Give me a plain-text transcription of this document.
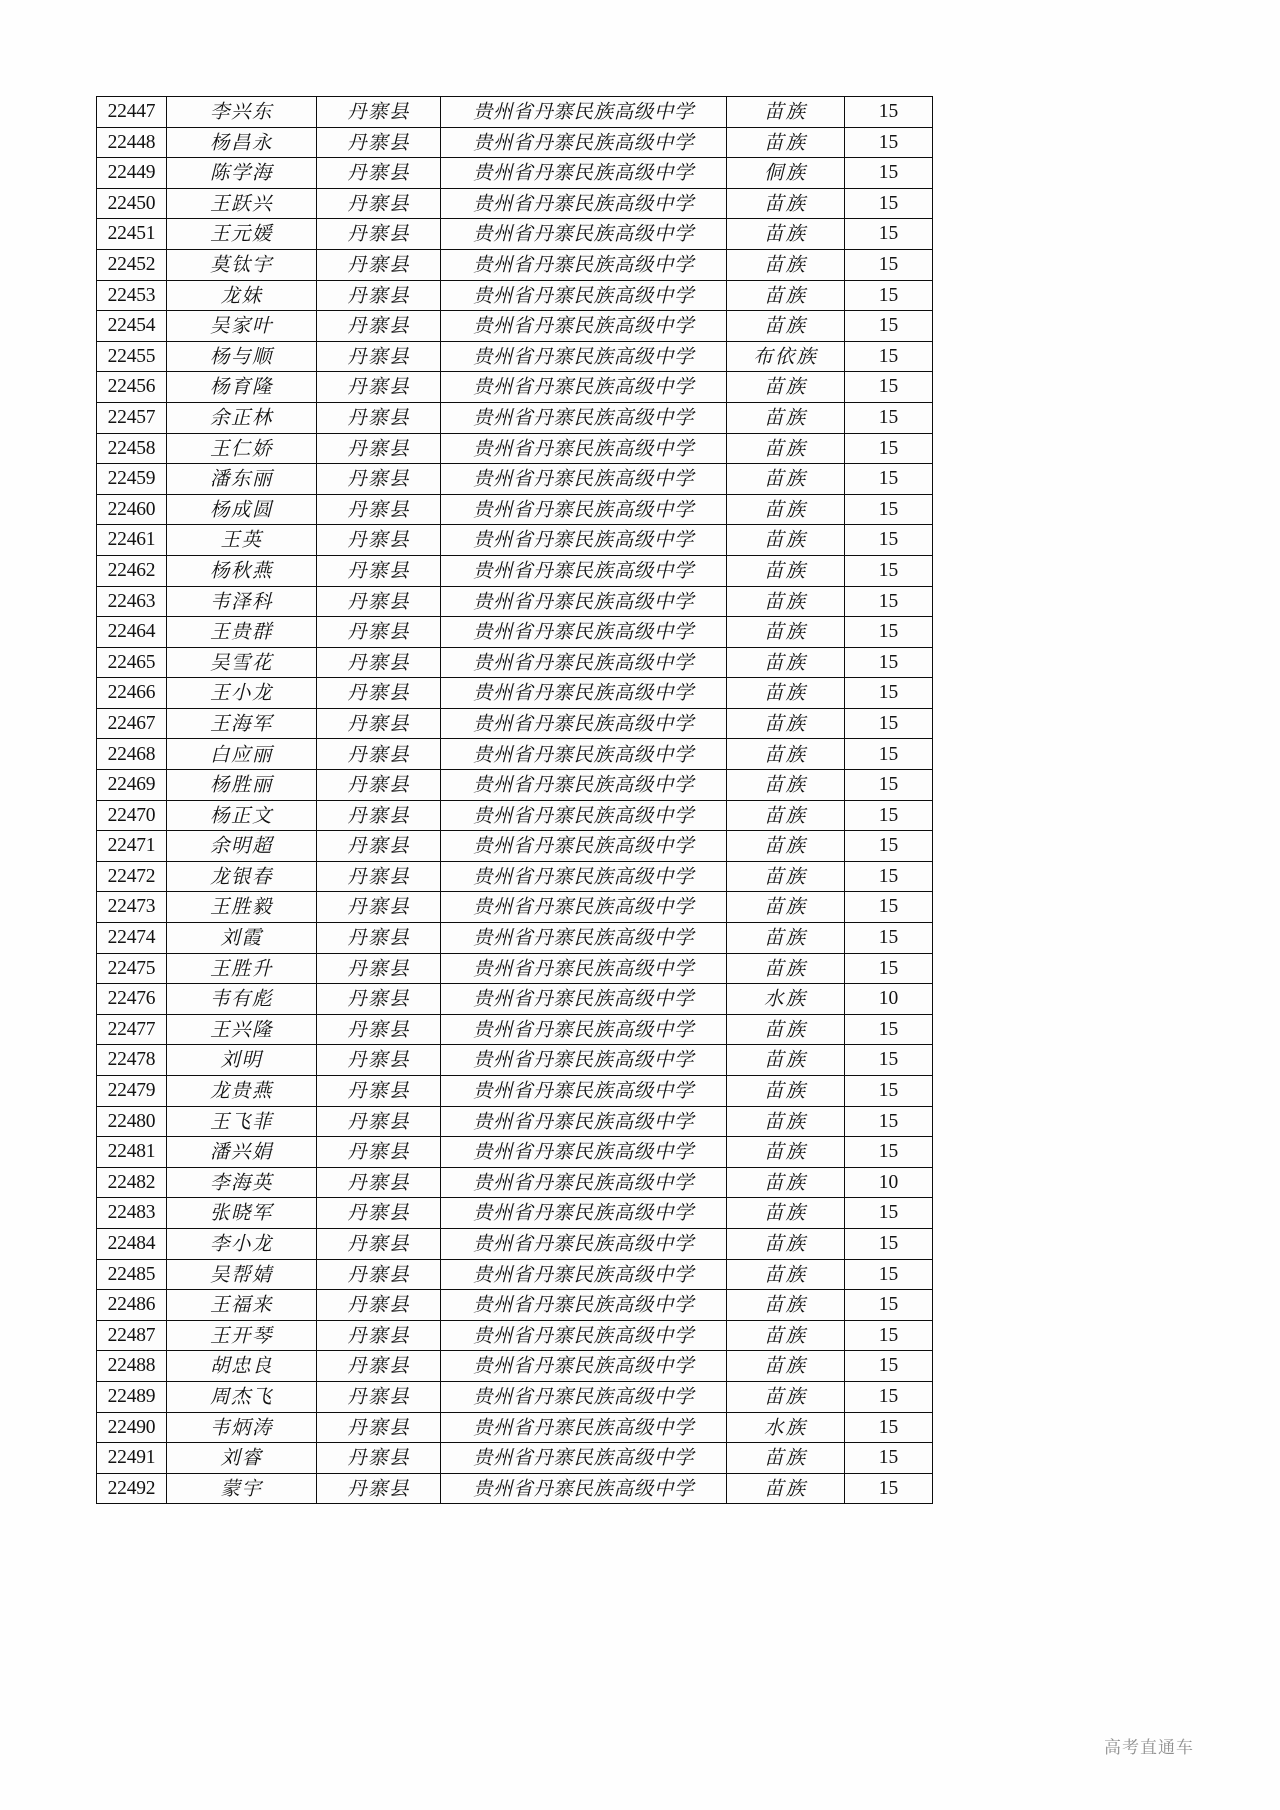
22447	李兴东	丹寨县	贵州省丹寨民族高级中学	苗族	15
22448	杨昌永	丹寨县	贵州省丹寨民族高级中学	苗族	15
22449	陈学海	丹寨县	贵州省丹寨民族高级中学	侗族	15
22450	王跃兴	丹寨县	贵州省丹寨民族高级中学	苗族	15
22451	王元媛	丹寨县	贵州省丹寨民族高级中学	苗族	15
22452	莫钛宇	丹寨县	贵州省丹寨民族高级中学	苗族	15
22453	龙妹	丹寨县	贵州省丹寨民族高级中学	苗族	15
22454	吴家叶	丹寨县	贵州省丹寨民族高级中学	苗族	15
22455	杨与顺	丹寨县	贵州省丹寨民族高级中学	布依族	15
22456	杨育隆	丹寨县	贵州省丹寨民族高级中学	苗族	15
22457	余正林	丹寨县	贵州省丹寨民族高级中学	苗族	15
22458	王仁娇	丹寨县	贵州省丹寨民族高级中学	苗族	15
22459	潘东丽	丹寨县	贵州省丹寨民族高级中学	苗族	15
22460	杨成圆	丹寨县	贵州省丹寨民族高级中学	苗族	15
22461	王英	丹寨县	贵州省丹寨民族高级中学	苗族	15
22462	杨秋燕	丹寨县	贵州省丹寨民族高级中学	苗族	15
22463	韦泽科	丹寨县	贵州省丹寨民族高级中学	苗族	15
22464	王贵群	丹寨县	贵州省丹寨民族高级中学	苗族	15
22465	吴雪花	丹寨县	贵州省丹寨民族高级中学	苗族	15
22466	王小龙	丹寨县	贵州省丹寨民族高级中学	苗族	15
22467	王海军	丹寨县	贵州省丹寨民族高级中学	苗族	15
22468	白应丽	丹寨县	贵州省丹寨民族高级中学	苗族	15
22469	杨胜丽	丹寨县	贵州省丹寨民族高级中学	苗族	15
22470	杨正文	丹寨县	贵州省丹寨民族高级中学	苗族	15
22471	余明超	丹寨县	贵州省丹寨民族高级中学	苗族	15
22472	龙银春	丹寨县	贵州省丹寨民族高级中学	苗族	15
22473	王胜毅	丹寨县	贵州省丹寨民族高级中学	苗族	15
22474	刘霞	丹寨县	贵州省丹寨民族高级中学	苗族	15
22475	王胜升	丹寨县	贵州省丹寨民族高级中学	苗族	15
22476	韦有彪	丹寨县	贵州省丹寨民族高级中学	水族	10
22477	王兴隆	丹寨县	贵州省丹寨民族高级中学	苗族	15
22478	刘明	丹寨县	贵州省丹寨民族高级中学	苗族	15
22479	龙贵燕	丹寨县	贵州省丹寨民族高级中学	苗族	15
22480	王飞菲	丹寨县	贵州省丹寨民族高级中学	苗族	15
22481	潘兴娟	丹寨县	贵州省丹寨民族高级中学	苗族	15
22482	李海英	丹寨县	贵州省丹寨民族高级中学	苗族	10
22483	张晓军	丹寨县	贵州省丹寨民族高级中学	苗族	15
22484	李小龙	丹寨县	贵州省丹寨民族高级中学	苗族	15
22485	吴帮婧	丹寨县	贵州省丹寨民族高级中学	苗族	15
22486	王福来	丹寨县	贵州省丹寨民族高级中学	苗族	15
22487	王开琴	丹寨县	贵州省丹寨民族高级中学	苗族	15
22488	胡忠良	丹寨县	贵州省丹寨民族高级中学	苗族	15
22489	周杰飞	丹寨县	贵州省丹寨民族高级中学	苗族	15
22490	韦炳涛	丹寨县	贵州省丹寨民族高级中学	水族	15
22491	刘睿	丹寨县	贵州省丹寨民族高级中学	苗族	15
22492	蒙宇	丹寨县	贵州省丹寨民族高级中学	苗族	15
高考直通车
